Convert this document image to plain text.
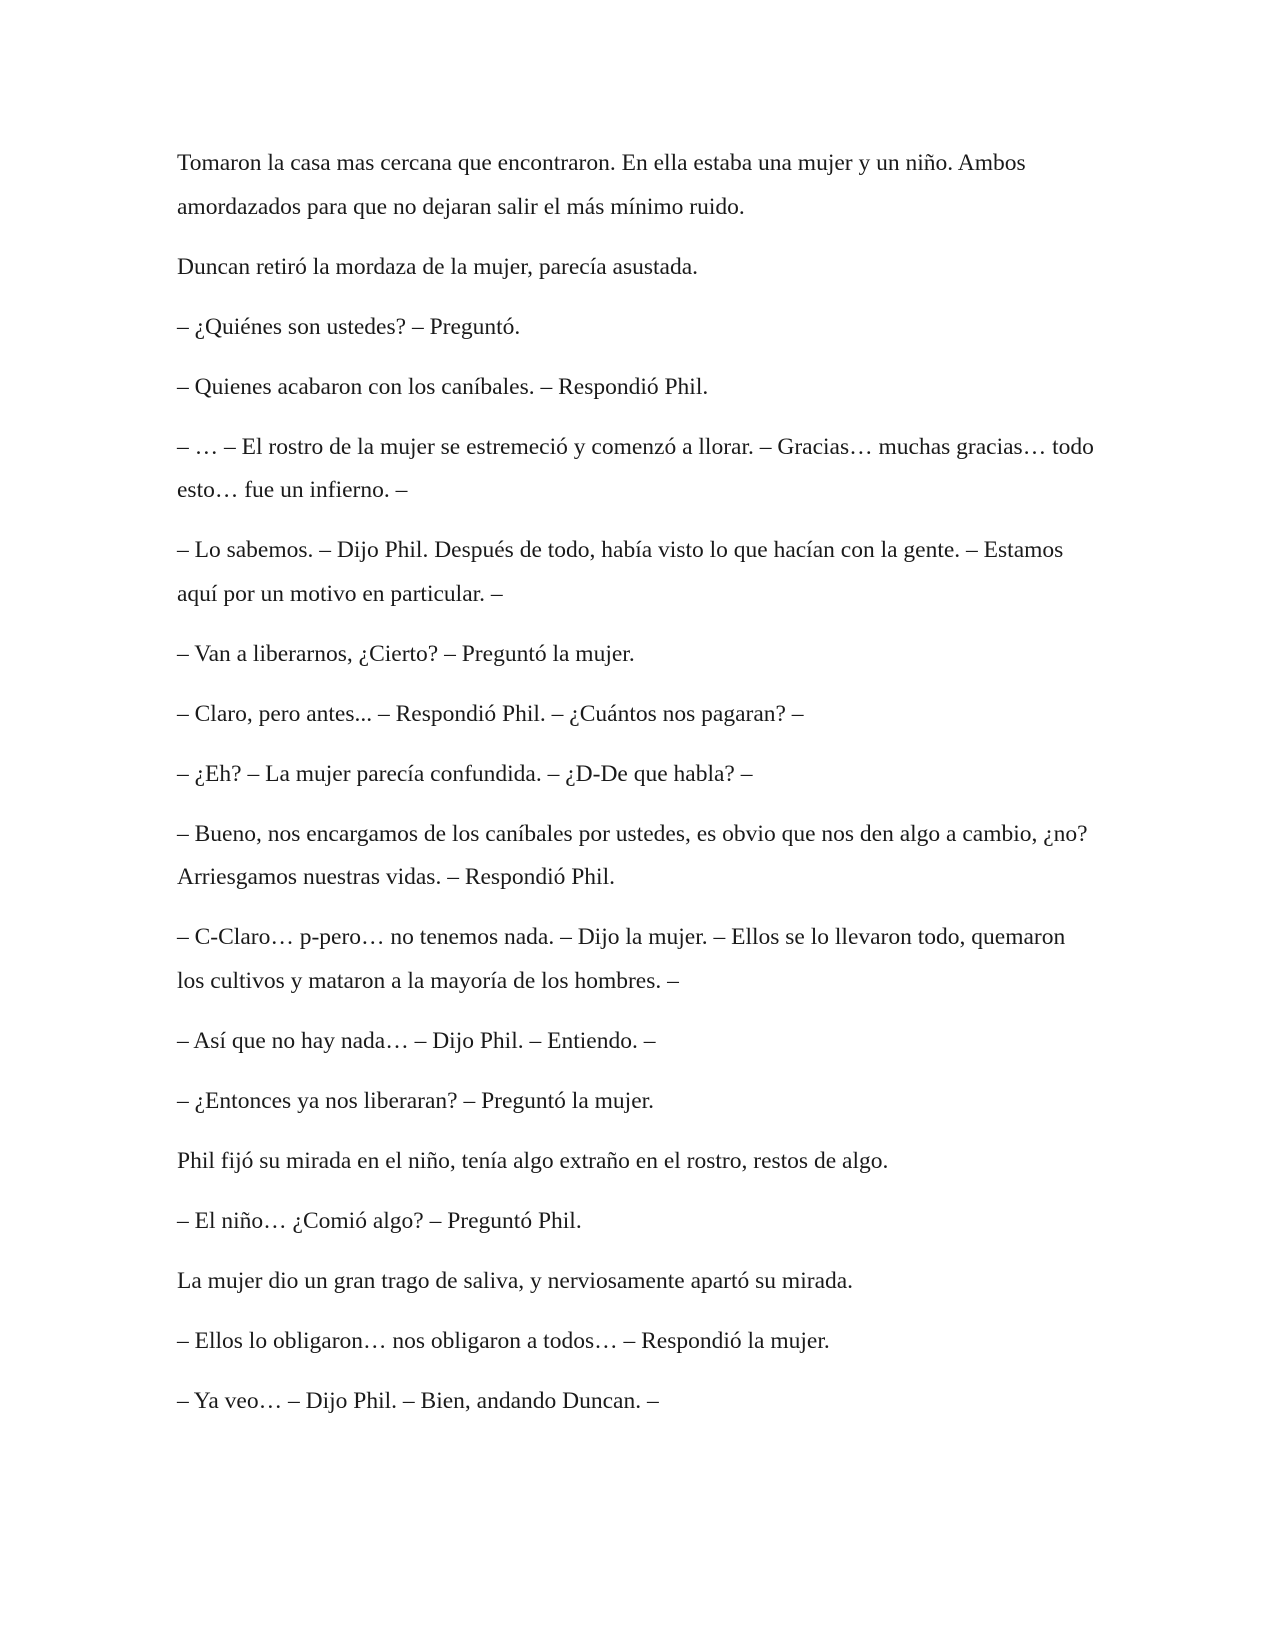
Tomaron la casa mas cercana que encontraron. En ella estaba una mujer y un niño. Ambos amordazados para que no dejaran salir el más mínimo ruido.

Duncan retiró la mordaza de la mujer, parecía asustada.

– ¿Quiénes son ustedes? – Preguntó.

– Quienes acabaron con los caníbales. – Respondió Phil.

– … – El rostro de la mujer se estremeció y comenzó a llorar. – Gracias… muchas gracias… todo esto… fue un infierno. –

– Lo sabemos. – Dijo Phil. Después de todo, había visto lo que hacían con la gente. – Estamos aquí por un motivo en particular. –

– Van a liberarnos, ¿Cierto? – Preguntó la mujer.

– Claro, pero antes... – Respondió Phil. – ¿Cuántos nos pagaran? –

– ¿Eh? – La mujer parecía confundida. – ¿D-De que habla? –

– Bueno, nos encargamos de los caníbales por ustedes, es obvio que nos den algo a cambio, ¿no? Arriesgamos nuestras vidas. – Respondió Phil.

– C-Claro… p-pero… no tenemos nada. – Dijo la mujer. – Ellos se lo llevaron todo, quemaron los cultivos y mataron a la mayoría de los hombres. –

– Así que no hay nada… – Dijo Phil. – Entiendo. –

– ¿Entonces ya nos liberaran? – Preguntó la mujer.

Phil fijó su mirada en el niño, tenía algo extraño en el rostro, restos de algo.

– El niño… ¿Comió algo? – Preguntó Phil.

La mujer dio un gran trago de saliva, y nerviosamente apartó su mirada.

– Ellos lo obligaron… nos obligaron a todos… – Respondió la mujer.

– Ya veo… – Dijo Phil. – Bien, andando Duncan. –
